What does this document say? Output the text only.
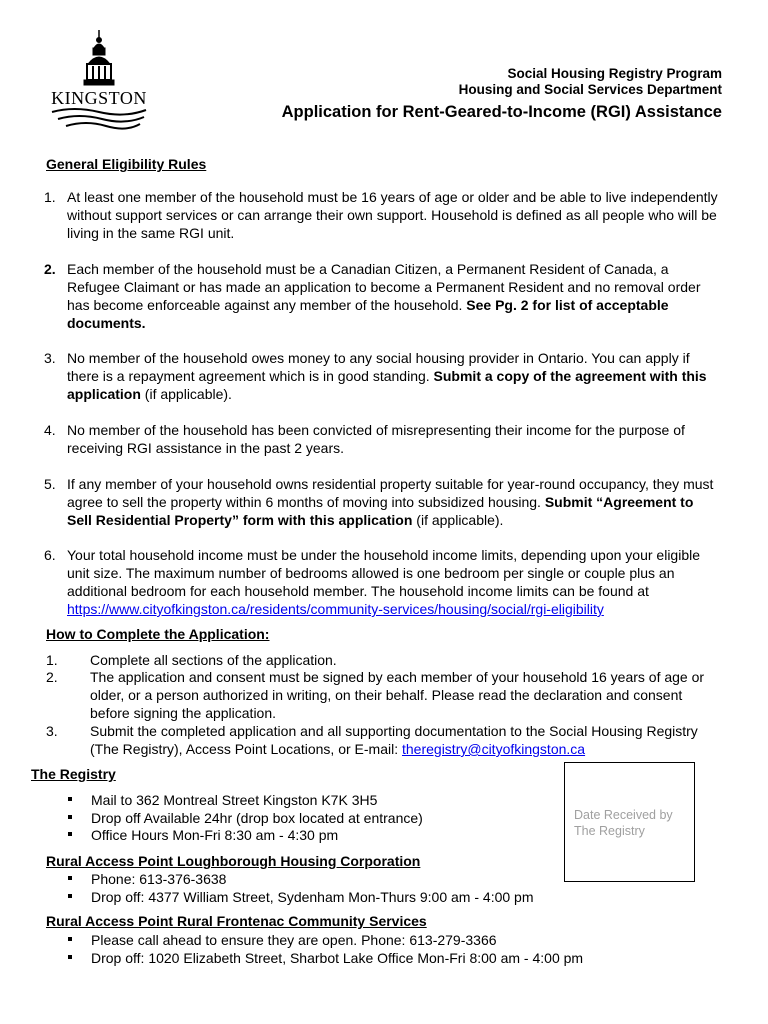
KINGSTON
Social Housing Registry Program
Housing and Social Services Department
Application for Rent-Geared-to-Income (RGI) Assistance
General Eligibility Rules
1. At least one member of the household must be 16 years of age or older and be able to live independently without support services or can arrange their own support. Household is defined as all people who will be living in the same RGI unit.
2. Each member of the household must be a Canadian Citizen, a Permanent Resident of Canada, a Refugee Claimant or has made an application to become a Permanent Resident and no removal order has become enforceable against any member of the household. See Pg. 2 for list of acceptable documents.
3. No member of the household owes money to any social housing provider in Ontario. You can apply if there is a repayment agreement which is in good standing. Submit a copy of the agreement with this application (if applicable).
4. No member of the household has been convicted of misrepresenting their income for the purpose of receiving RGI assistance in the past 2 years.
5. If any member of your household owns residential property suitable for year-round occupancy, they must agree to sell the property within 6 months of moving into subsidized housing. Submit “Agreement to Sell Residential Property” form with this application (if applicable).
6. Your total household income must be under the household income limits, depending upon your eligible unit size. The maximum number of bedrooms allowed is one bedroom per single or couple plus an additional bedroom for each household member. The household income limits can be found at https://www.cityofkingston.ca/residents/community-services/housing/social/rgi-eligibility
How to Complete the Application:
1. Complete all sections of the application.
2. The application and consent must be signed by each member of your household 16 years of age or older, or a person authorized in writing, on their behalf. Please read the declaration and consent before signing the application.
3. Submit the completed application and all supporting documentation to the Social Housing Registry (The Registry), Access Point Locations, or E-mail: theregistry@cityofkingston.ca
The Registry
Mail to 362 Montreal Street Kingston K7K 3H5
Drop off Available 24hr (drop box located at entrance)
Office Hours Mon-Fri 8:30 am - 4:30 pm
Rural Access Point Loughborough Housing Corporation
Phone: 613-376-3638
Drop off: 4377 William Street, Sydenham Mon-Thurs 9:00 am - 4:00 pm
Rural Access Point Rural Frontenac Community Services
Please call ahead to ensure they are open. Phone: 613-279-3366
Drop off: 1020 Elizabeth Street, Sharbot Lake Office Mon-Fri 8:00 am - 4:00 pm
Date Received by The Registry
